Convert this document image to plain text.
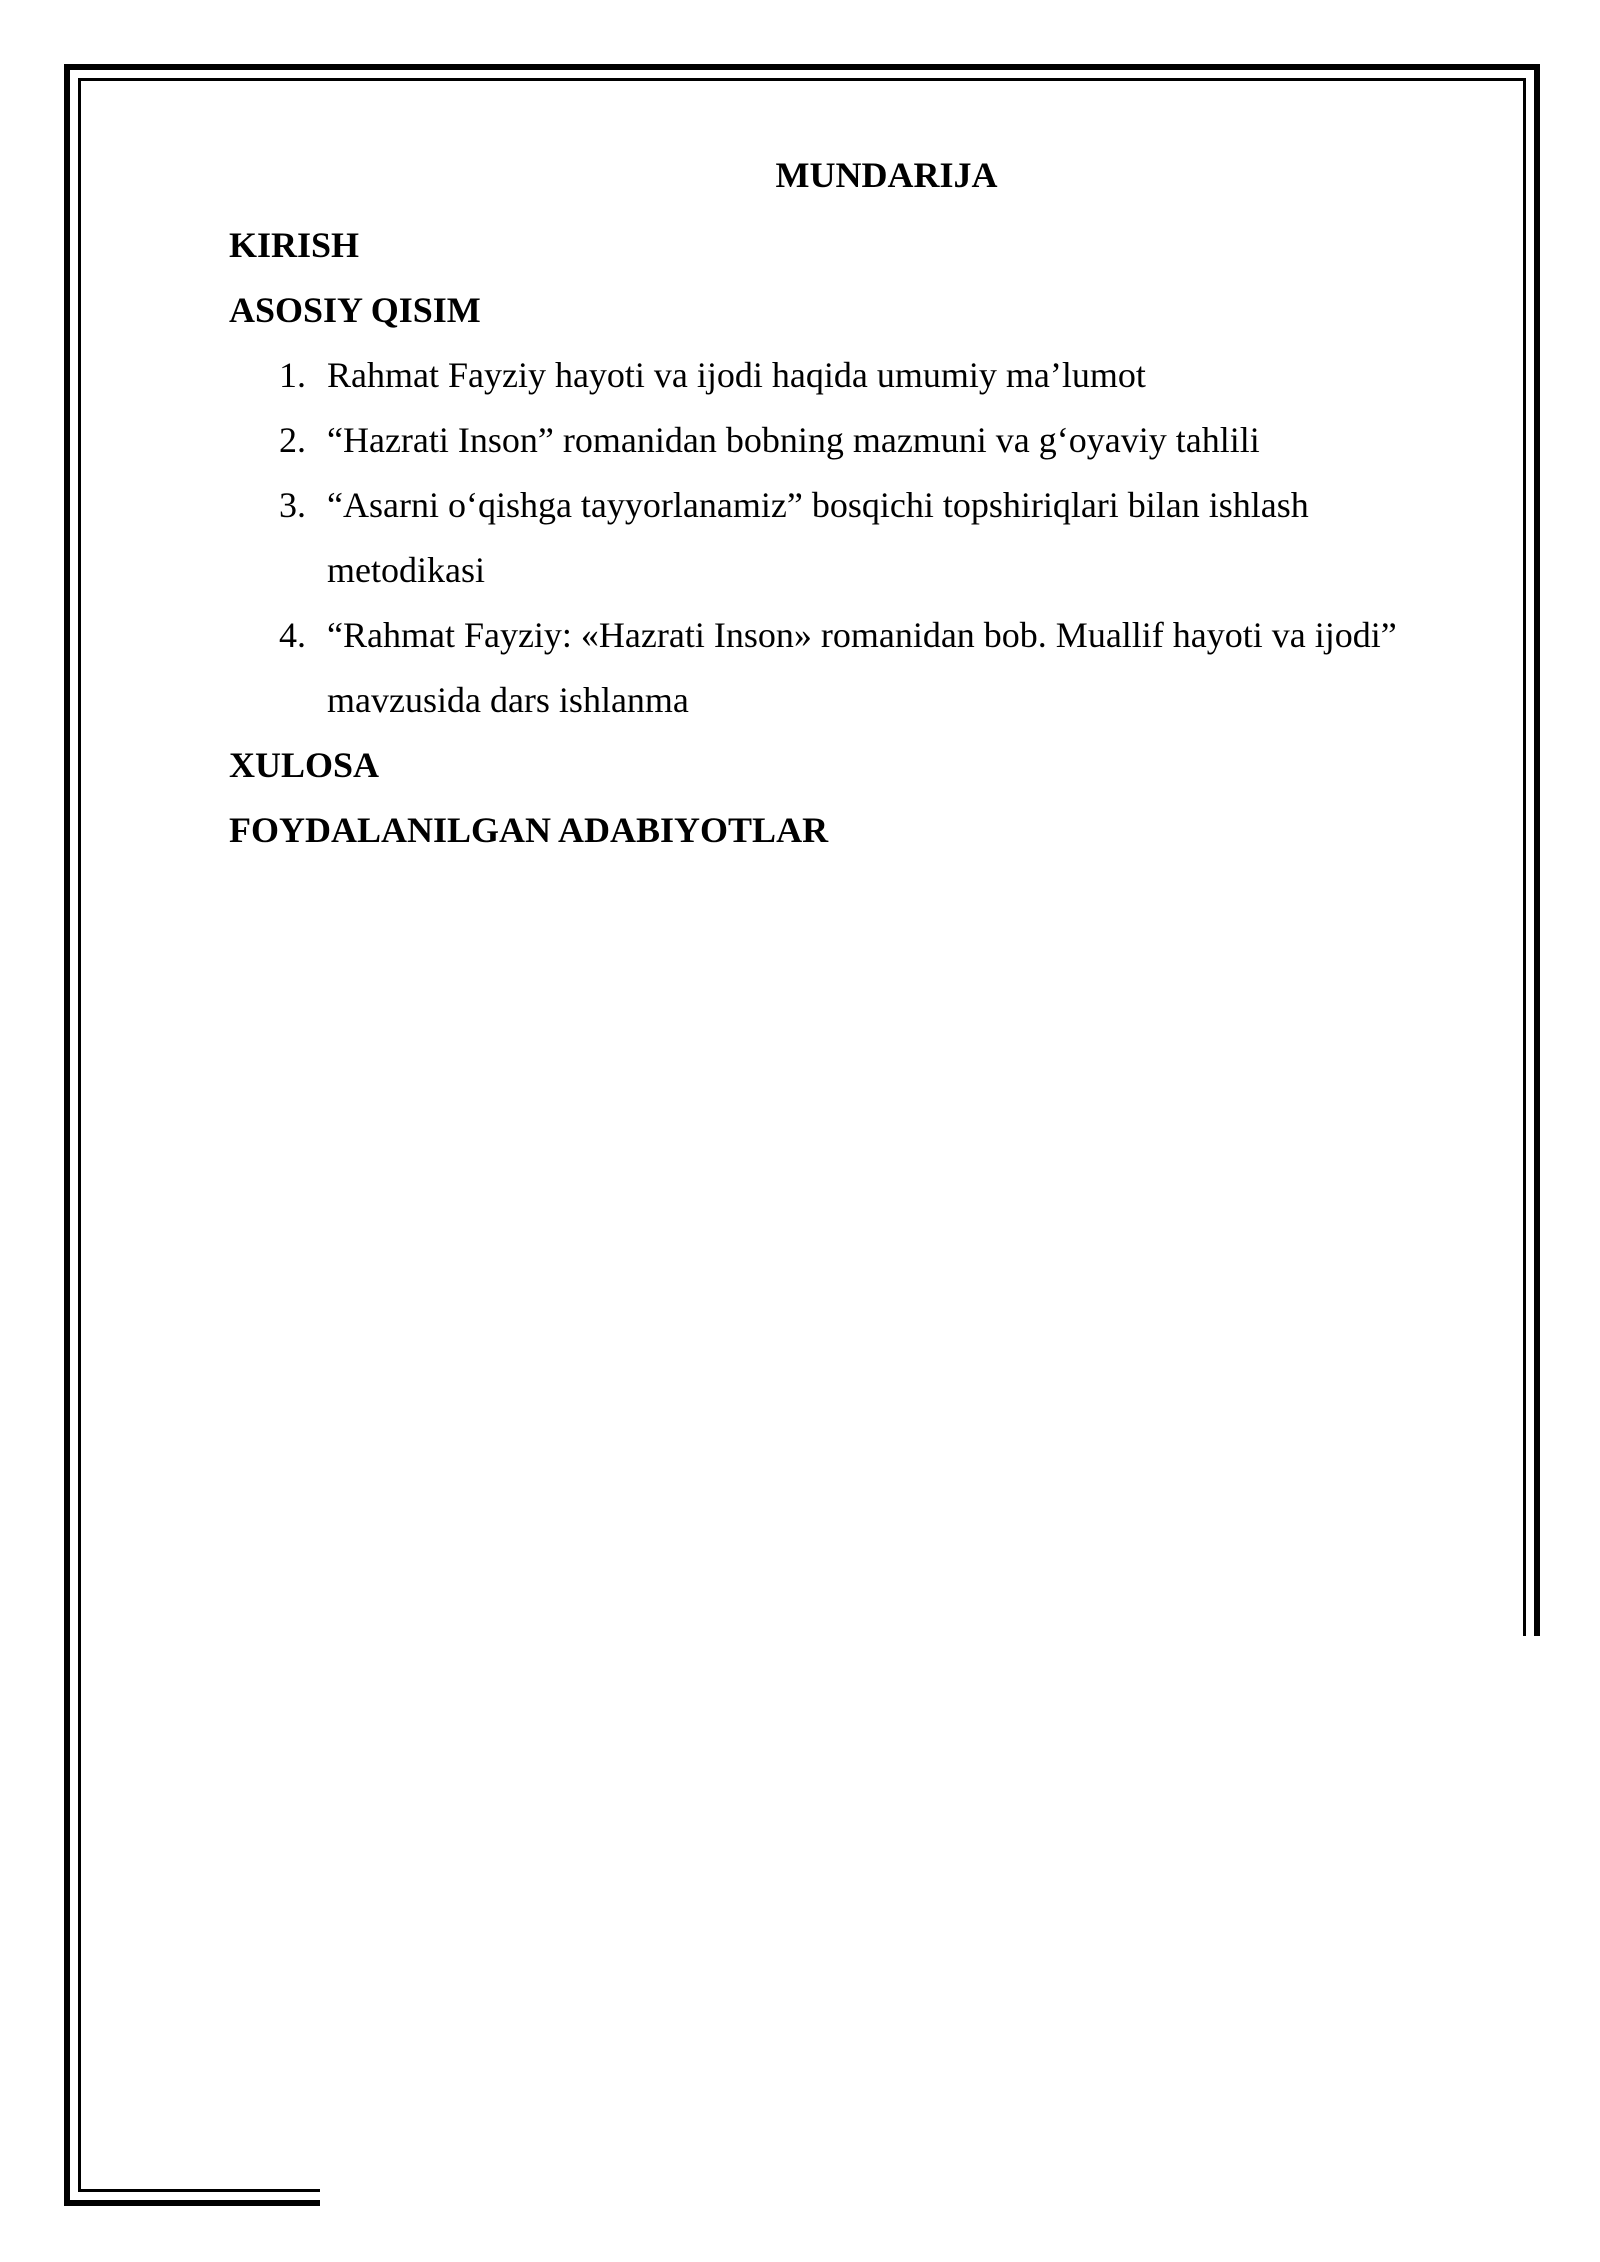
MUNDARIJA
KIRISH
ASOSIY QISIM
1. Rahmat Fayziy hayoti va ijodi haqida umumiy ma’lumot
2. “Hazrati Inson” romanidan bobning mazmuni va g‘oyaviy tahlili
3. “Asarni o‘qishga tayyorlanamiz” bosqichi topshiriqlari bilan ishlash metodikasi
4. “Rahmat Fayziy: «Hazrati Inson» romanidan bob. Muallif hayoti va ijodi” mavzusida dars ishlanma
XULOSA
FOYDALANILGAN ADABIYOTLAR
